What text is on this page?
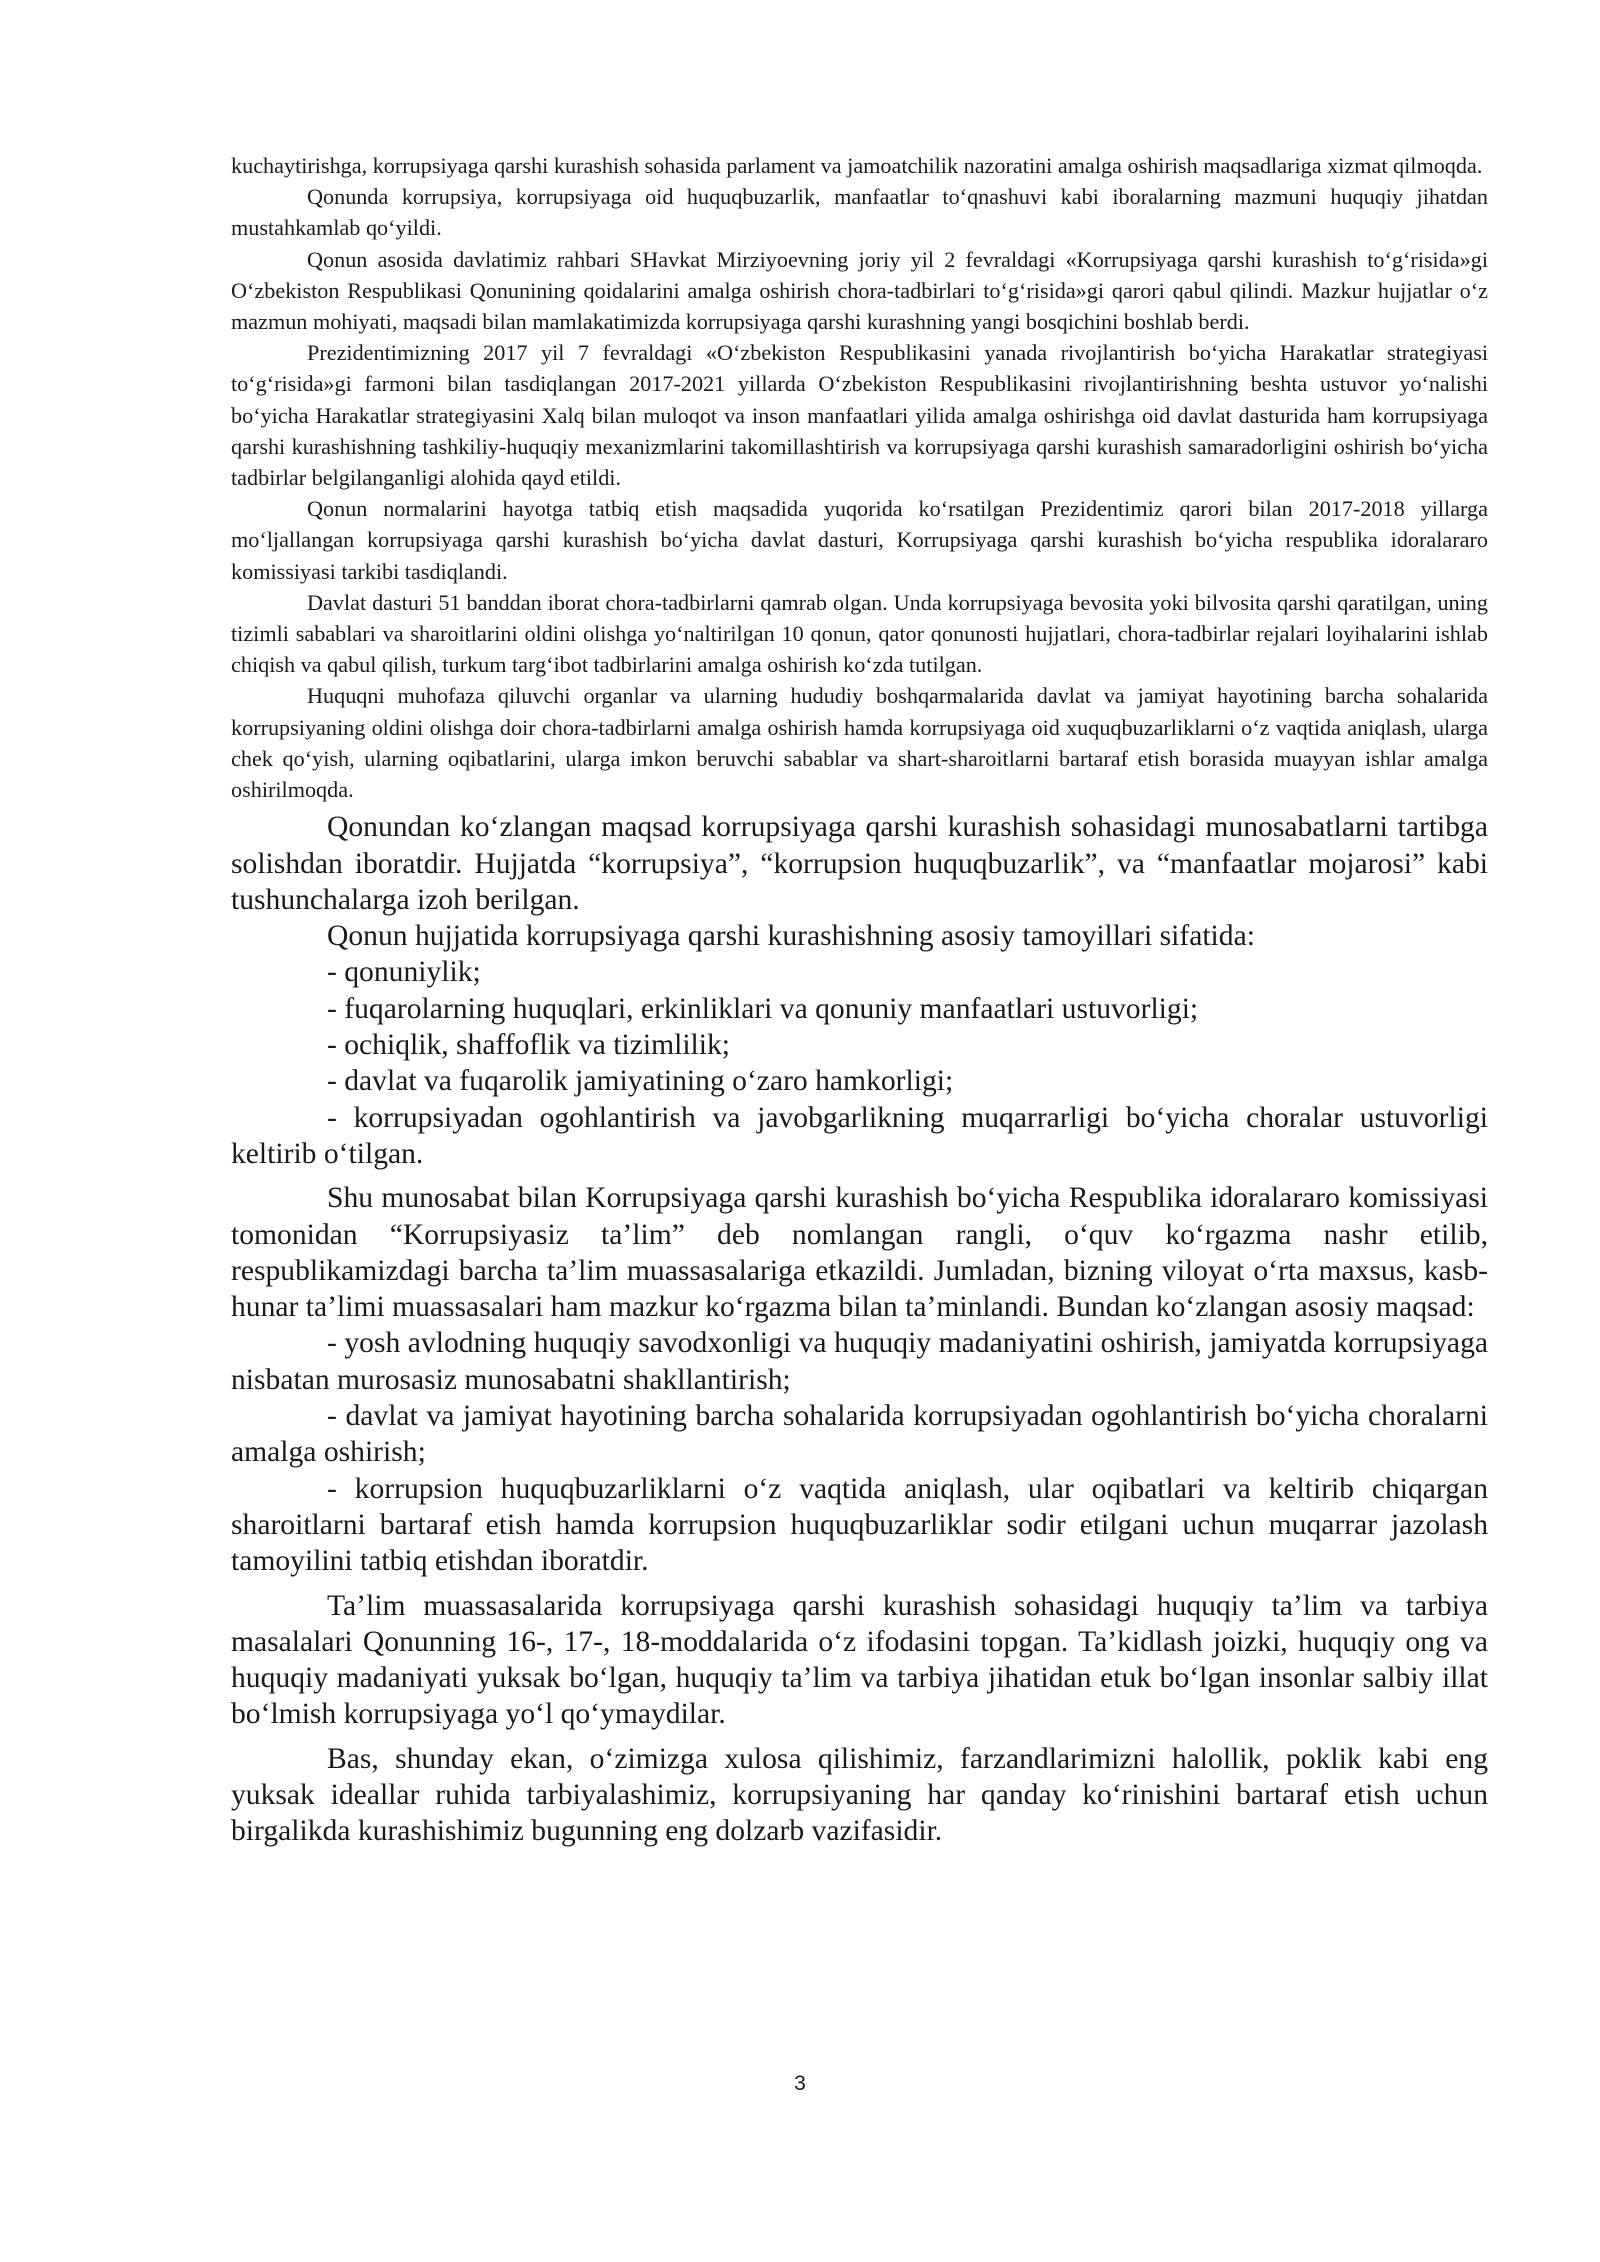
kuchaytirishga, korrupsiyaga qarshi kurashish sohasida parlament va jamoatchilik nazoratini amalga oshirish maqsadlariga xizmat qilmoqda.

Qonunda korrupsiya, korrupsiyaga oid huquqbuzarlik, manfaatlar to‘qnashuvi kabi iboralarning mazmuni huquqiy jihatdan mustahkamlab qo‘yildi.

Qonun asosida davlatimiz rahbari SHavkat Mirziyoevning joriy yil 2 fevraldagi «Korrupsiyaga qarshi kurashish to‘g‘risida»gi O‘zbekiston Respublikasi Qonunining qoidalarini amalga oshirish chora-tadbirlari to‘g‘risida»gi qarori qabul qilindi. Mazkur hujjatlar o‘z mazmun mohiyati, maqsadi bilan mamlakatimizda korrupsiyaga qarshi kurashning yangi bosqichini boshlab berdi.

Prezidentimizning 2017 yil 7 fevraldagi «O‘zbekiston Respublikasini yanada rivojlantirish bo‘yicha Harakatlar strategiyasi to‘g‘risida»gi farmoni bilan tasdiqlangan 2017-2021 yillarda O‘zbekiston Respublikasini rivojlantirishning beshta ustuvor yo‘nalishi bo‘yicha Harakatlar strategiyasini Xalq bilan muloqot va inson manfaatlari yilida amalga oshirishga oid davlat dasturida ham korrupsiyaga qarshi kurashishning tashkiliy-huquqiy mexanizmlarini takomillashtirish va korrupsiyaga qarshi kurashish samaradorligini oshirish bo‘yicha tadbirlar belgilanganligi alohida qayd etildi.

Qonun normalarini hayotga tatbiq etish maqsadida yuqorida ko‘rsatilgan Prezidentimiz qarori bilan 2017-2018 yillarga mo‘ljallangan korrupsiyaga qarshi kurashish bo‘yicha davlat dasturi, Korrupsiyaga qarshi kurashish bo‘yicha respublika idoralararo komissiyasi tarkibi tasdiqlandi.

Davlat dasturi 51 banddan iborat chora-tadbirlarni qamrab olgan. Unda korrupsiyaga bevosita yoki bilvosita qarshi qaratilgan, uning tizimli sabablari va sharoitlarini oldini olishga yo‘naltirilgan 10 qonun, qator qonunosti hujjatlari, chora-tadbirlar rejalari loyihalarini ishlab chiqish va qabul qilish, turkum targ‘ibot tadbirlarini amalga oshirish ko‘zda tutilgan.

Huquqni muhofaza qiluvchi organlar va ularning hududiy boshqarmalarida davlat va jamiyat hayotining barcha sohalarida korrupsiyaning oldini olishga doir chora-tadbirlarni amalga oshirish hamda korrupsiyaga oid xuquqbuzarliklarni o‘z vaqtida aniqlash, ularga chek qo‘yish, ularning oqibatlarini, ularga imkon beruvchi sabablar va shart-sharoitlarni bartaraf etish borasida muayyan ishlar amalga oshirilmoqda.

Qonundan ko‘zlangan maqsad korrupsiyaga qarshi kurashish sohasidagi munosabatlarni tartibga solishdan iboratdir. Hujjatda “korrupsiya”, “korrupsion huquqbuzarlik”, va “manfaatlar mojarosi” kabi tushunchalarga izoh berilgan.

Qonun hujjatida korrupsiyaga qarshi kurashishning asosiy tamoyillari sifatida:

- qonuniylik;

- fuqarolarning huquqlari, erkinliklari va qonuniy manfaatlari ustuvorligi;

- ochiqlik, shaffoflik va tizimlilik;

- davlat va fuqarolik jamiyatining o‘zaro hamkorligi;

- korrupsiyadan ogohlantirish va javobgarlikning muqarrarligi bo‘yicha choralar ustuvorligi keltirib o‘tilgan.

Shu munosabat bilan Korrupsiyaga qarshi kurashish bo‘yicha Respublika idoralararo komissiyasi tomonidan “Korrupsiyasiz ta’lim” deb nomlangan rangli, o‘quv ko‘rgazma nashr etilib, respublikamizdagi barcha ta’lim muassasalariga etkazildi. Jumladan, bizning viloyat o‘rta maxsus, kasb-hunar ta’limi muassasalari ham mazkur ko‘rgazma bilan ta’minlandi. Bundan ko‘zlangan asosiy maqsad:

- yosh avlodning huquqiy savodxonligi va huquqiy madaniyatini oshirish, jamiyatda korrupsiyaga nisbatan murosasiz munosabatni shakllantirish;

- davlat va jamiyat hayotining barcha sohalarida korrupsiyadan ogohlantirish bo‘yicha choralarni amalga oshirish;

- korrupsion huquqbuzarliklarni o‘z vaqtida aniqlash, ular oqibatlari va keltirib chiqargan sharoitlarni bartaraf etish hamda korrupsion huquqbuzarliklar sodir etilgani uchun muqarrar jazolash tamoyilini tatbiq etishdan iboratdir.

Ta’lim muassasalarida korrupsiyaga qarshi kurashish sohasidagi huquqiy ta’lim va tarbiya masalalari Qonunning 16-, 17-, 18-moddalarida o‘z ifodasini topgan. Ta’kidlash joizki, huquqiy ong va huquqiy madaniyati yuksak bo‘lgan, huquqiy ta’lim va tarbiya jihatidan etuk bo‘lgan insonlar salbiy illat bo‘lmish korrupsiyaga yo‘l qo‘ymaydilar.

Bas, shunday ekan, o‘zimizga xulosa qilishimiz, farzandlarimizni halollik, poklik kabi eng yuksak ideallar ruhida tarbiyalashimiz, korrupsiyaning har qanday ko‘rinishini bartaraf etish uchun birgalikda kurashishimiz bugunning eng dolzarb vazifasidir.

3
